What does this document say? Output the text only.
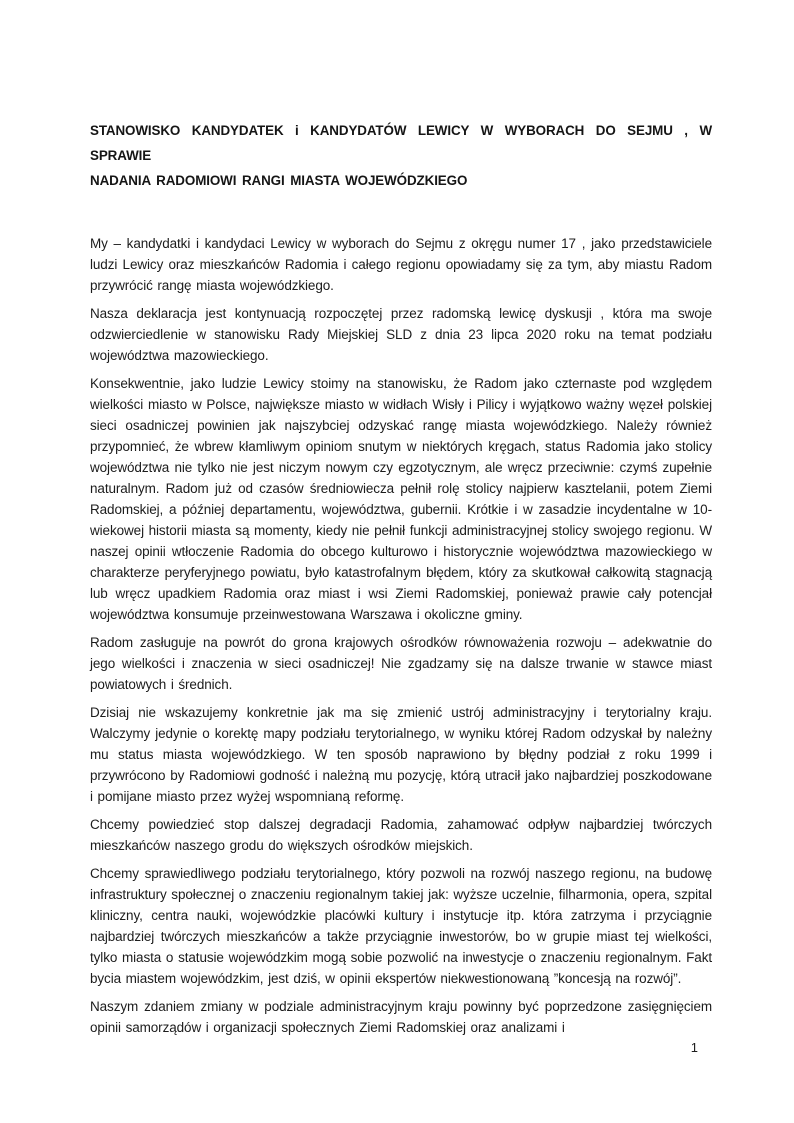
STANOWISKO KANDYDATEK i KANDYDATÓW LEWICY W WYBORACH DO SEJMU , W SPRAWIE
NADANIA RADOMIOWI RANGI MIASTA WOJEWÓDZKIEGO

My – kandydatki i kandydaci Lewicy w wyborach do Sejmu z okręgu numer 17 , jako przedstawiciele ludzi Lewicy oraz mieszkańców Radomia i całego regionu opowiadamy się za tym, aby miastu Radom przywrócić rangę miasta wojewódzkiego.

Nasza deklaracja jest kontynuacją rozpoczętej przez radomską lewicę dyskusji , która ma swoje odzwierciedlenie w stanowisku Rady Miejskiej SLD z dnia 23 lipca 2020 roku na temat podziału województwa mazowieckiego.

Konsekwentnie, jako ludzie Lewicy stoimy na stanowisku, że Radom jako czternaste pod względem wielkości miasto w Polsce, największe miasto w widłach Wisły i Pilicy i wyjątkowo ważny węzeł polskiej sieci osadniczej powinien jak najszybciej odzyskać rangę miasta wojewódzkiego. Należy również przypomnieć, że wbrew kłamliwym opiniom snutym w niektórych kręgach, status Radomia jako stolicy województwa nie tylko nie jest niczym nowym czy egzotycznym, ale wręcz przeciwnie: czymś zupełnie naturalnym. Radom już od czasów średniowiecza pełnił rolę stolicy najpierw kasztelanii, potem Ziemi Radomskiej, a później departamentu, województwa, gubernii. Krótkie i w zasadzie incydentalne w 10-wiekowej historii miasta są momenty, kiedy nie pełnił funkcji administracyjnej stolicy swojego regionu. W naszej opinii wtłoczenie Radomia do obcego kulturowo i historycznie województwa mazowieckiego w charakterze peryferyjnego powiatu, było katastrofalnym błędem, który za skutkował całkowitą stagnacją lub wręcz upadkiem Radomia oraz miast i wsi Ziemi Radomskiej, ponieważ prawie cały potencjał województwa konsumuje przeinwestowana Warszawa i okoliczne gminy.

Radom zasługuje na powrót do grona krajowych ośrodków równoważenia rozwoju – adekwatnie do jego wielkości i znaczenia w sieci osadniczej! Nie zgadzamy się na dalsze trwanie w stawce miast powiatowych i średnich.

Dzisiaj nie wskazujemy konkretnie jak ma się zmienić ustrój administracyjny i terytorialny kraju. Walczymy jedynie o korektę mapy podziału terytorialnego, w wyniku której Radom odzyskał by należny mu status miasta wojewódzkiego. W ten sposób naprawiono by błędny podział z roku 1999 i przywrócono by Radomiowi godność i należną mu pozycję, którą utracił jako najbardziej poszkodowane i pomijane miasto przez wyżej wspomnianą reformę.

Chcemy powiedzieć stop dalszej degradacji Radomia, zahamować odpływ najbardziej twórczych mieszkańców naszego grodu do większych ośrodków miejskich.

Chcemy sprawiedliwego podziału terytorialnego, który pozwoli na rozwój naszego regionu, na budowę infrastruktury społecznej o znaczeniu regionalnym takiej jak: wyższe uczelnie, filharmonia, opera, szpital kliniczny, centra nauki, wojewódzkie placówki kultury i instytucje itp. która zatrzyma i przyciągnie najbardziej twórczych mieszkańców a także przyciągnie inwestorów, bo w grupie miast tej wielkości, tylko miasta o statusie wojewódzkim mogą sobie pozwolić na inwestycje o znaczeniu regionalnym. Fakt bycia miastem wojewódzkim, jest dziś, w opinii ekspertów niekwestionowaną ”koncesją na rozwój”.

Naszym zdaniem zmiany w podziale administracyjnym kraju powinny być poprzedzone zasięgnięciem opinii samorządów i organizacji społecznych Ziemi Radomskiej oraz analizami i

1
